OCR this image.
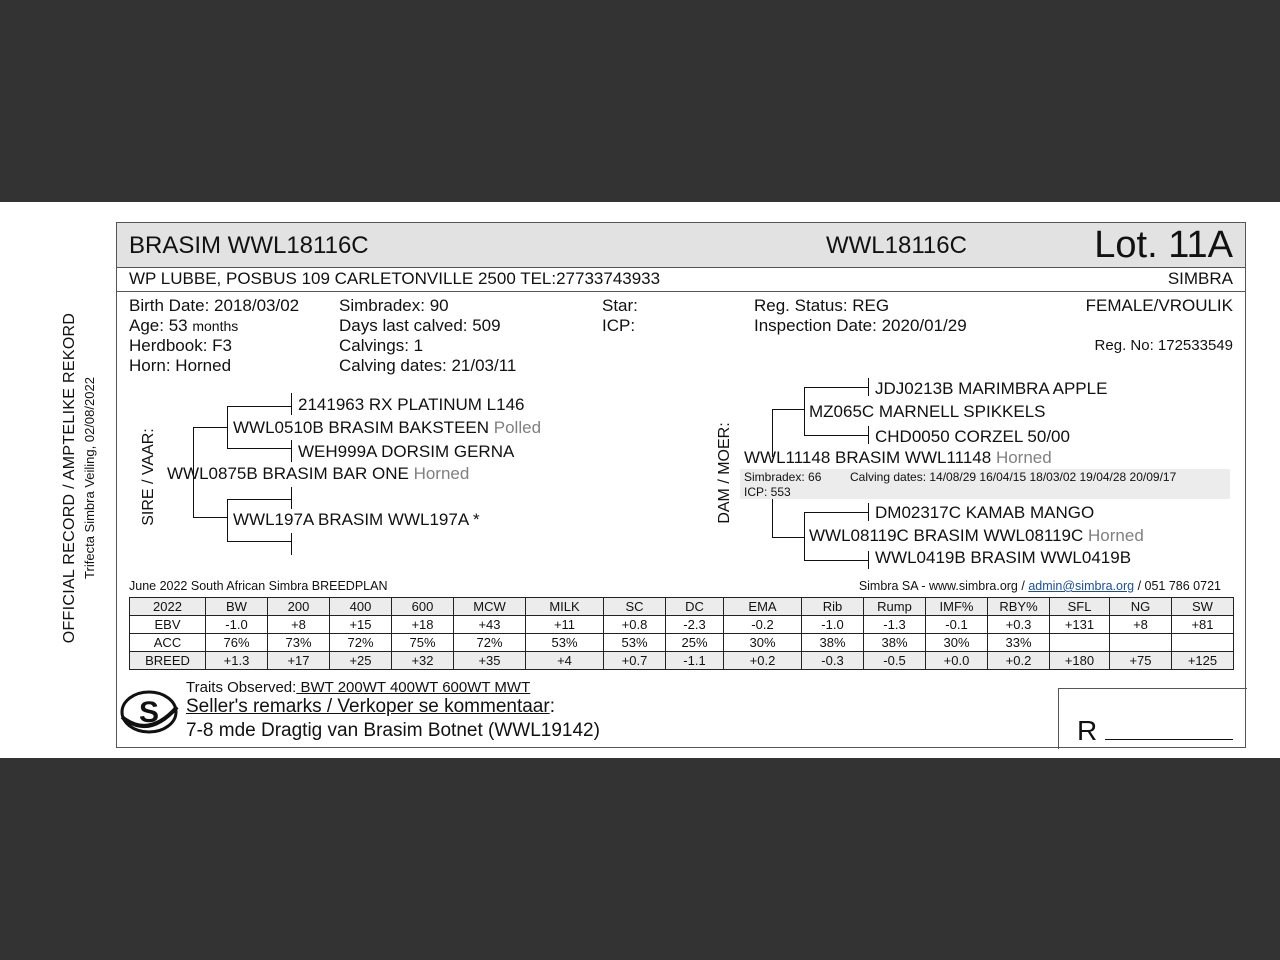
OFFICIAL RECORD / AMPTELIKE REKORD Trifecta Simbra Veiling, 02/08/2022
BRASIM WWL18116C	WWL18116C	Lot. 11A
WP LUBBE, POSBUS 109 CARLETONVILLE 2500 TEL:27733743933	SIMBRA
Birth Date: 2018/03/02
Age: 53 months
Herdbook: F3
Horn: Horned
Simbradex: 90
Days last calved: 509
Calvings: 1
Calving dates: 21/03/11
Star:
ICP:
Reg. Status: REG
Inspection Date: 2020/01/29
FEMALE/VROULIK
Reg. No: 172533549
SIRE / VAAR:
2141963 RX PLATINUM L146
WWL0510B BRASIM BAKSTEEN Polled
WEH999A DORSIM GERNA
WWL0875B BRASIM BAR ONE Horned
WWL197A BRASIM WWL197A *	DAM / MOER:
JDJ0213B MARIMBRA APPLE
MZ065C MARNELL SPIKKELS
CHD0050 CORZEL 50/00
WWL11148 BRASIM WWL11148 Horned
Simbradex: 66 Calving dates: 14/08/29 16/04/15 18/03/02 19/04/28 20/09/17
ICP: 553
DM02317C KAMAB MANGO
WWL08119C BRASIM WWL08119C Horned
WWL0419B BRASIM WWL0419B
June 2022 South African Simbra BREEDPLAN	Simbra SA - www.simbra.org / admin@simbra.org / 051 786 0721
2022	BW	200	400	600	MCW	MILK	SC	DC	EMA	Rib	Rump	IMF%	RBY%	SFL	NG	SW
EBV	-1.0	+8	+15	+18	+43	+11	+0.8	-2.3	-0.2	-1.0	-1.3	-0.1	+0.3	+131	+8	+81
ACC	76%	73%	72%	75%	72%	53%	53%	25%	30%	38%	38%	30%	33%			
BREED	+1.3	+17	+25	+32	+35	+4	+0.7	-1.1	+0.2	-0.3	-0.5	+0.0	+0.2	+180	+75	+125
S
Traits Observed: BWT 200WT 400WT 600WT MWT
Seller's remarks / Verkoper se kommentaar:
7-8 mde Dragtig van Brasim Botnet (WWL19142)	R
